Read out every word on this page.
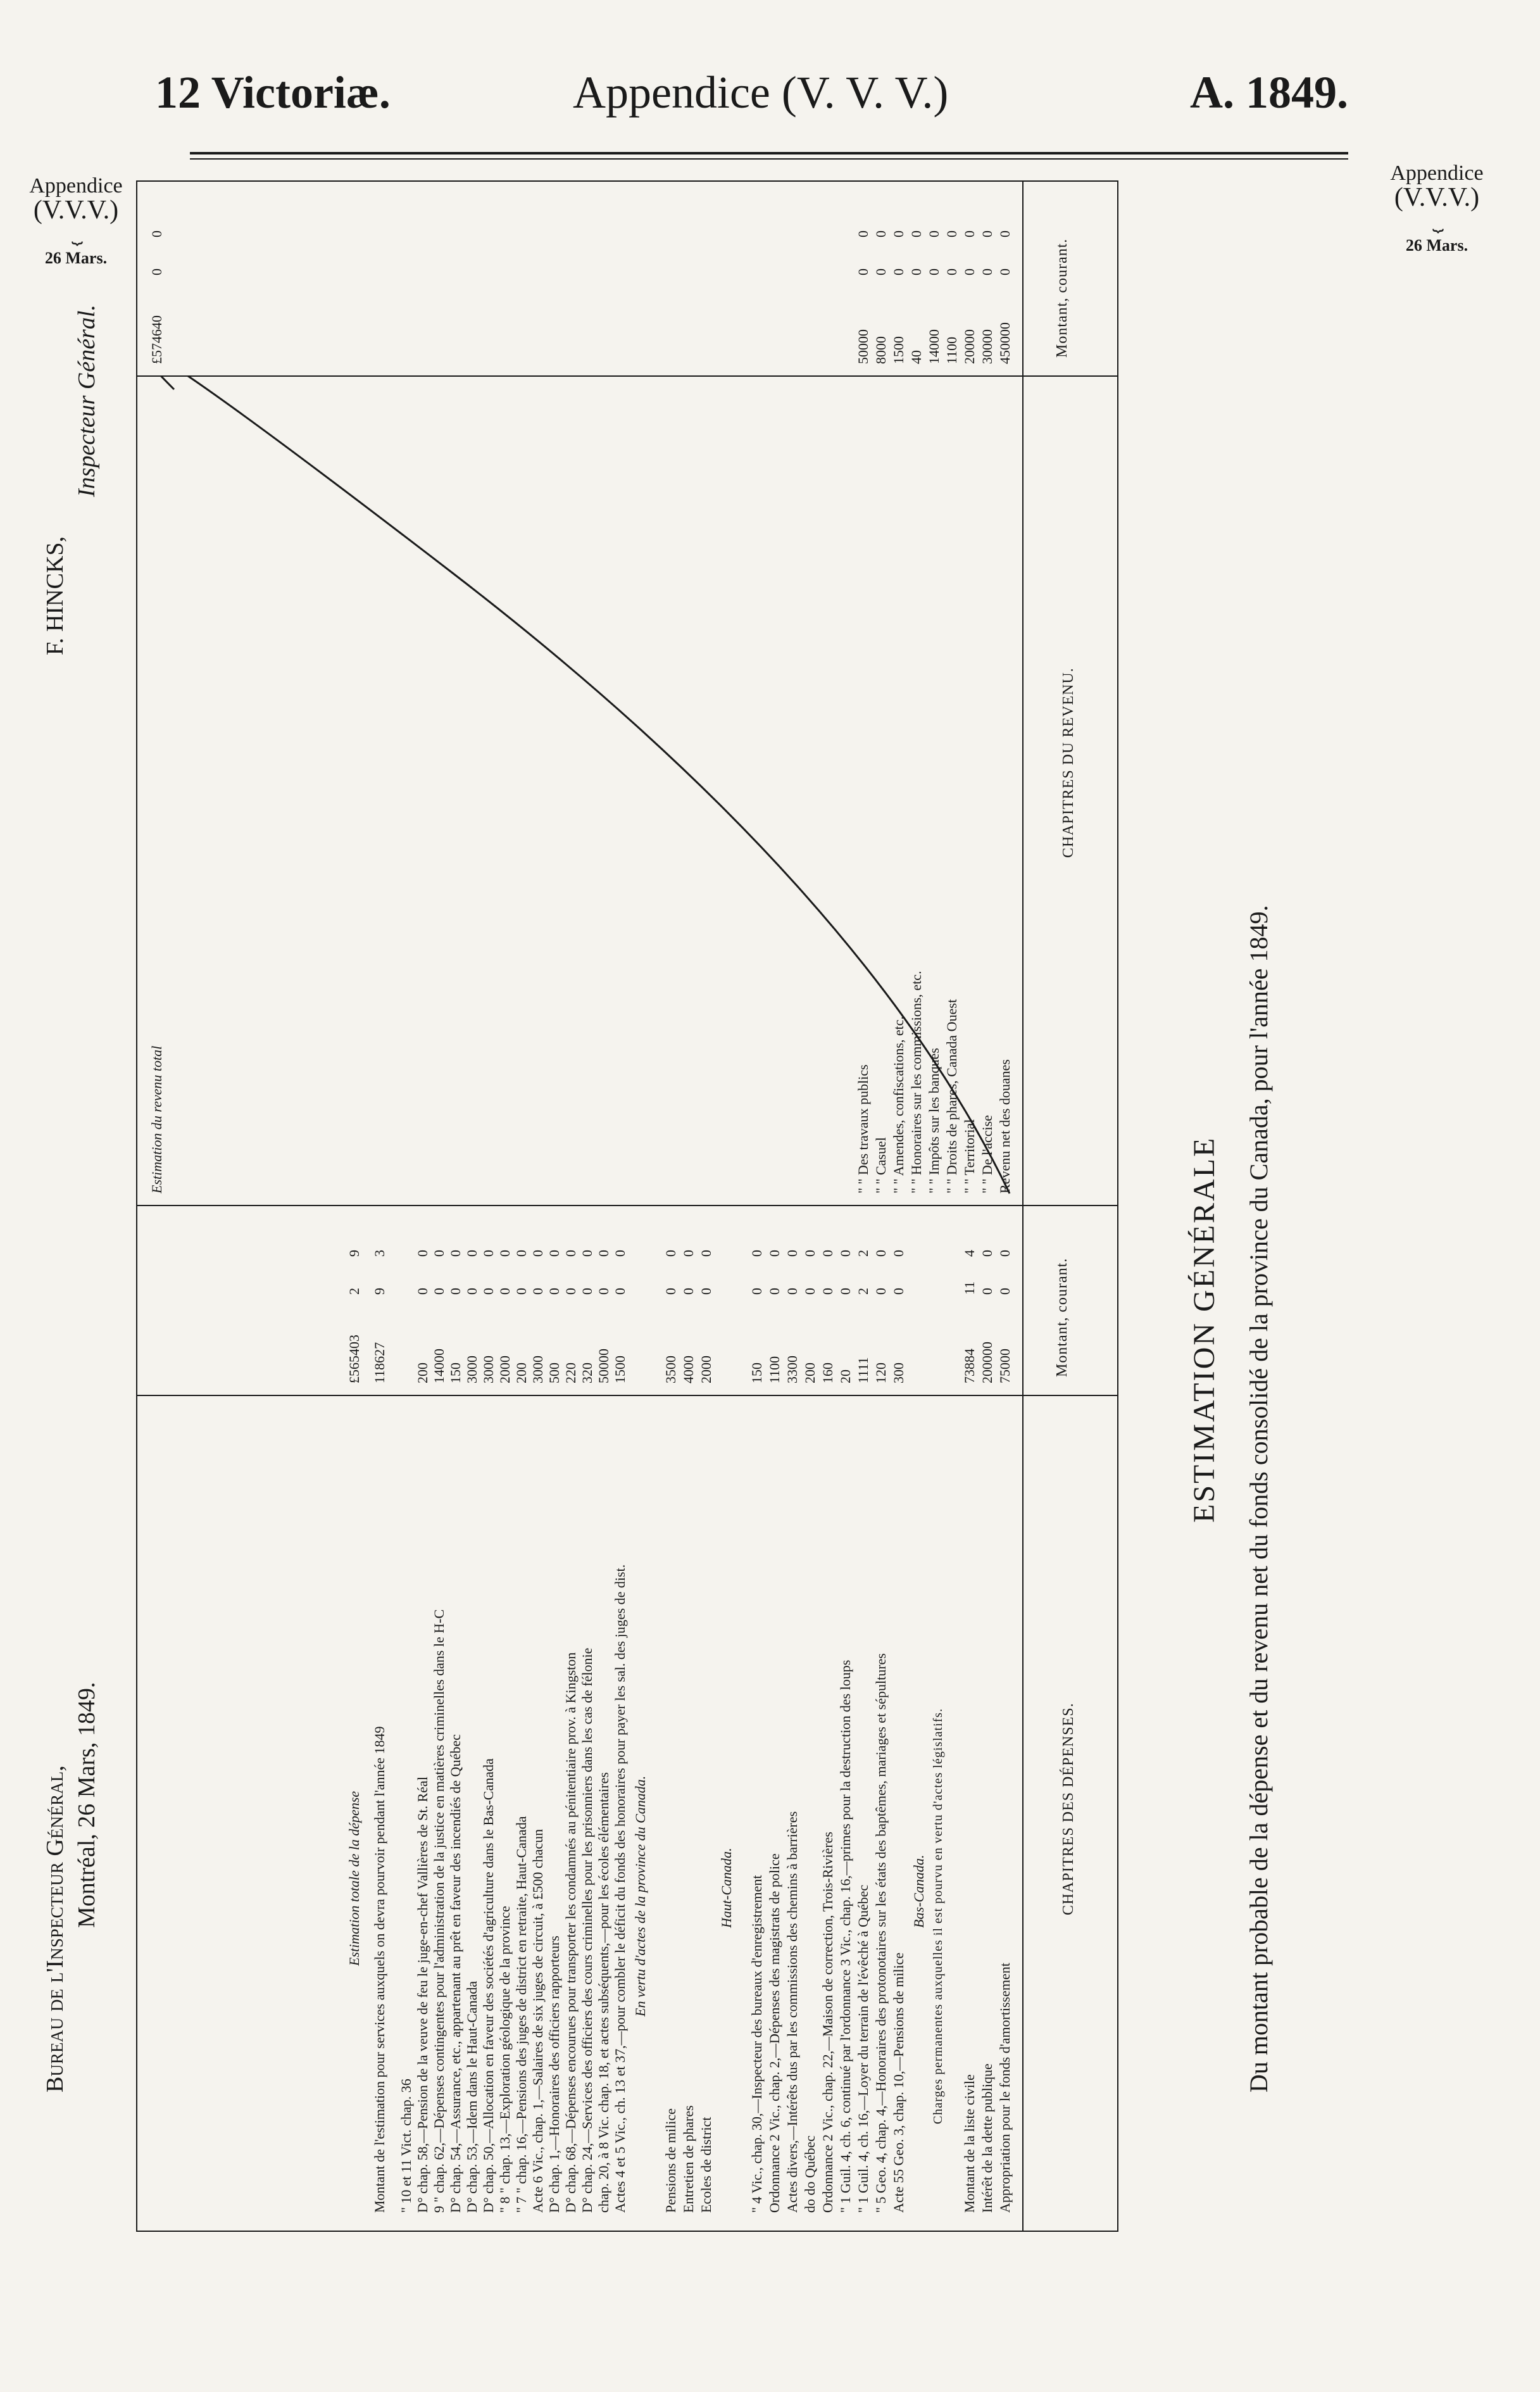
12 Victoriæ.	Appendice (V. V. V.)	A. 1849.
Appendice
(V.V.V.)
⏟
26 Mars.
Appendice
(V.V.V.)
⏟
26 Mars.
ESTIMATION GÉNÉRALE Du montant probable de la dépense et du revenu net du fonds consolidé de la province du Canada, pour l'année 1849.
CHAPITRES DES DÉPENSES.
Montant, courant.
CHAPITRES DU REVENU.
Montant, courant.
Appropriation pour le fonds d'amortissement
75000
0
0
Intérêt de la dette publique
200000
0
0
Montant de la liste civile
73884
11
4
Charges permanentes auxquelles il est pourvu en vertu d'actes législatifs.
Bas-Canada.
Acte 55 Geo. 3, chap. 10,—Pensions de milice
300
0
0
" 5 Geo. 4, chap. 4,—Honoraires des protonotaires sur les états des baptêmes, mariages et sépultures
120
0
0
" 1 Guil. 4, ch. 16,—Loyer du terrain de l'évêché à Québec
1111
2
2
" 1 Guil. 4, ch. 6, continué par l'ordonnance 3 Vic., chap. 16,—primes pour la destruction des loups
20
0
0
Ordonnance 2 Vic., chap. 22,—Maison de correction, Trois-Rivières
160
0
0
do do Québec
200
0
0
Actes divers,—Intérêts dus par les commissions des chemins à barrières
3300
0
0
Ordonnance 2 Vic., chap. 2,—Dépenses des magistrats de police
1100
0
0
" 4 Vic., chap. 30,—Inspecteur des bureaux d'enregistrement
150
0
0
Haut-Canada.
Ecoles de district
2000
0
0
Entretien de phares
4000
0
0
Pensions de milice
3500
0
0
En vertu d'actes de la province du Canada.
Actes 4 et 5 Vic., ch. 13 et 37,—pour combler le déficit du fonds des honoraires pour payer les sal. des juges de dist.
1500
0
0
chap. 20, à 8 Vic. chap. 18, et actes subséquents,—pour les écoles élémentaires
50000
0
0
D° chap. 24,—Services des officiers des cours criminelles pour les prisonniers dans les cas de félonie
320
0
0
D° chap. 68,—Dépenses encourues pour transporter les condamnés au pénitentiaire prov. à Kingston
220
0
0
D° chap. 1,—Honoraires des officiers rapporteurs
500
0
0
Acte 6 Vic., chap. 1,—Salaires de six juges de circuit, à £500 chacun
3000
0
0
" 7 " chap. 16,—Pensions des juges de district en retraite, Haut-Canada
200
0
0
" 8 " chap. 13,—Exploration géologique de la province
2000
0
0
D° chap. 50,—Allocation en faveur des sociétés d'agriculture dans le Bas-Canada
3000
0
0
D° chap. 53,—Idem dans le Haut-Canada
3000
0
0
D° chap. 54,—Assurance, etc., appartenant au prêt en faveur des incendiés de Québec
150
0
0
9 " chap. 62,—Dépenses contingentes pour l'administration de la justice en matières criminelles dans le H-C
14000
0
0
D° chap. 58,—Pension de la veuve de feu le juge-en-chef Vallières de St. Réal
200
0
0
" 10 et 11 Vict. chap. 36
Montant de l'estimation pour services auxquels on devra pourvoir pendant l'année 1849
118627
9
3
Estimation totale de la dépense
£565403
2
9
Revenu net des douanes
450000
0
0
" " De l'accise
30000
0
0
" " Territorial
20000
0
0
" " Droits de phares, Canada Ouest
1100
0
0
" " Impôts sur les banques
14000
0
0
" " Honoraires sur les commissions, etc.
40
0
0
" " Amendes, confiscations, etc.
1500
0
0
" " Casuel
8000
0
0
" " Des travaux publics
50000
0
0
Estimation du revenu total
£574640
0
0
Bureau de l'Inspecteur Général, Montréal, 26 Mars, 1849.
F. HINCKS,
Inspecteur Général.
